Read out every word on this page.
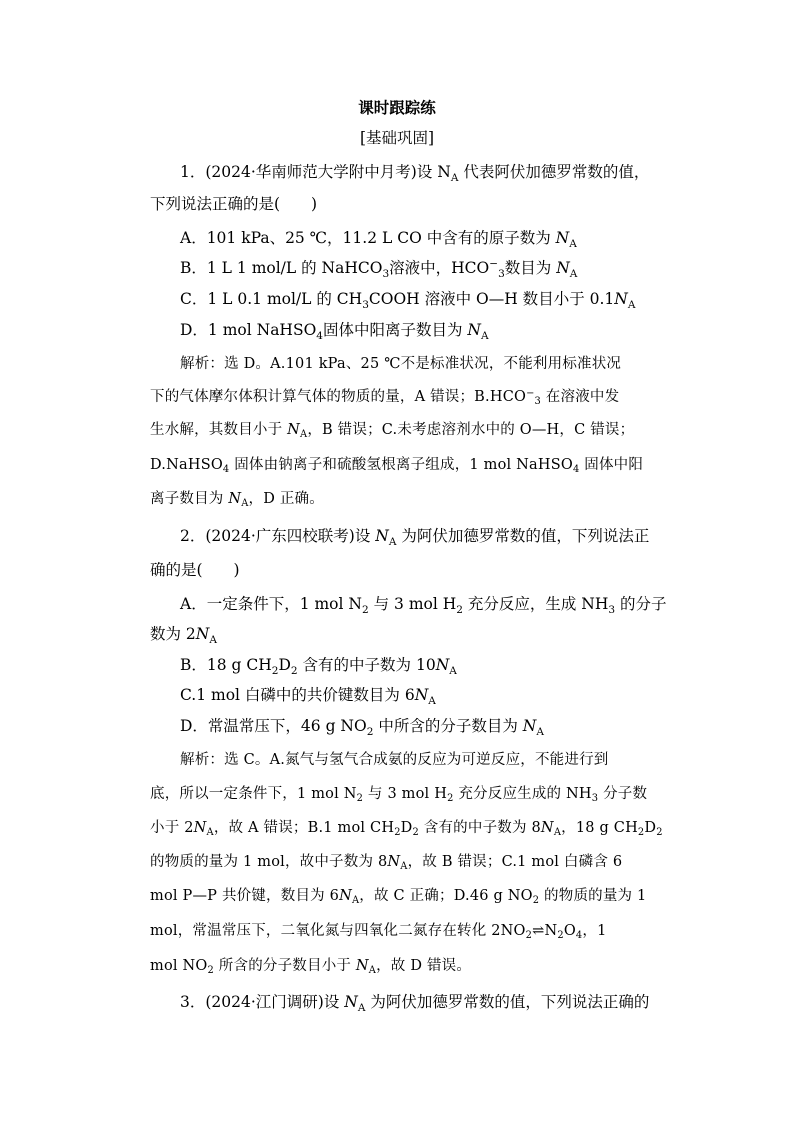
课时跟踪练
[基础巩固]
1．(2024·华南师范大学附中月考)设 $N_A$ 代表阿伏加德罗常数的值，
下列说法正确的是(　　)
A．101 kPa、25 ℃，11.2 L CO 中含有的原子数为 $N_A$
B．1 L 1 mol/L 的 NaHCO$_3$溶液中，$HCO^-_3$数目为 $N_A$
C．1 L 0.1 mol/L 的 $CH_3COOH$ 溶液中 O—H 数目小于 $0.1N_A$
D．1 mol NaHSO$_4$固体中阳离子数目为 $N_A$
解析：选 D。A.101 kPa、25 ℃不是标准状况，不能利用标准状况
下的气体摩尔体积计算气体的物质的量，A 错误；$B.HCO^-_3$ 在溶液中发
生水解，其数目小于 $N_A$，B 错误；C.未考虑溶剂水中的 O—H，C 错误；
D.NaHSO$_4$ 固体由钠离子和硫酸氢根离子组成，1 mol NaHSO$_4$ 固体中阳
离子数目为 $N_A$，D 正确。
2．(2024·广东四校联考)设 $N_A$ 为阿伏加德罗常数的值，下列说法正
确的是(　　)
A．一定条件下，1 mol $N_2$ 与 3 mol $H_2$ 充分反应，生成 $NH_3$ 的分子
数为 $2N_A$
B．18 g $CH_2D_2$ 含有的中子数为 $10N_A$
C.1 mol 白磷中的共价键数目为 $6N_A$
D．常温常压下，46 g $NO_2$ 中所含的分子数目为 $N_A$
解析：选 C。A.氮气与氢气合成氨的反应为可逆反应，不能进行到
底，所以一定条件下，1 mol $N_2$ 与 3 mol $H_2$ 充分反应生成的 $NH_3$ 分子数
小于 $2N_A$，故 A 错误；B.1 mol $CH_2D_2$ 含有的中子数为 $8N_A$，18 g $CH_2D_2$
的物质的量为 1 mol，故中子数为 $8N_A$，故 B 错误；C.1 mol 白磷含 6
mol P—P 共价键，数目为 $6N_A$，故 C 正确；D.46 g $NO_2$ 的物质的量为 1
mol，常温常压下，二氧化氮与四氧化二氮存在转化 $2NO_2\rightleftharpoons N_2O_4$，1
mol $NO_2$ 所含的分子数目小于 $N_A$，故 D 错误。
3．(2024·江门调研)设 $N_A$ 为阿伏加德罗常数的值，下列说法正确的
